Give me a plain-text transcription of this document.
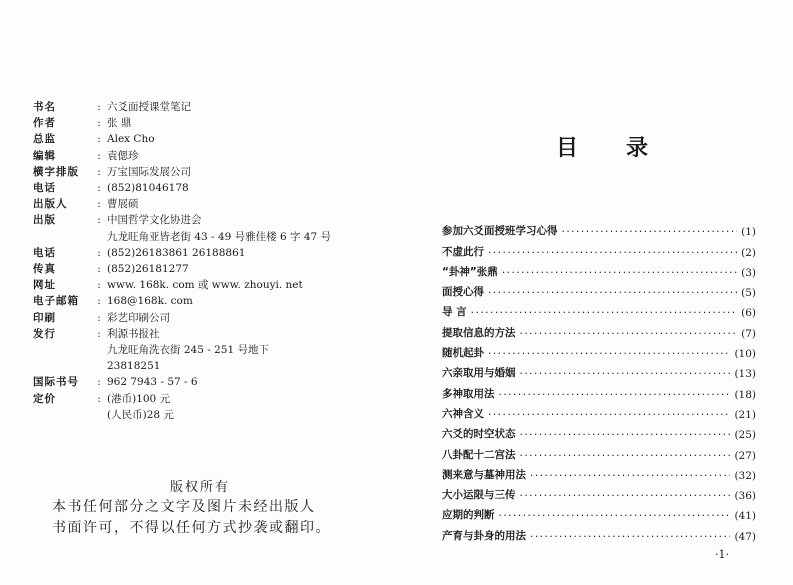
书名	: 六爻面授课堂笔记
作者	: 张 鼎
总监	: Alex Cho
编辑	: 袁偲珍
横字排版	: 万宝国际发展公司
电话	: (852)81046178
出版人	: 曹展硕
出版	: 中国哲学文化协进会
九龙旺角亚皆老街 43 - 49 号雅佳楼 6 字 47 号
电话	: (852)26183861 26188861
传真	: (852)26181277
网址	: www. 168k. com 或 www. zhouyi. net
电子邮箱	: 168@168k. com
印刷	: 彩艺印刷公司
发行	: 利源书报社
九龙旺角洗衣街 245 - 251 号地下
23818251
国际书号	: 962 7943 - 57 - 6
定价	: (港币)100 元
(人民币)28 元
版权所有
本书任何部分之文字及图片未经出版人
书面许可，不得以任何方式抄袭或翻印。
目 录
参加六爻面授班学习心得 ·····	(1)
不虚此行 ·····	(2)
“卦神”张鼎 ·····	(3)
面授心得 ·····	(5)
导 言 ·····	(6)
提取信息的方法 ·····	(7)
随机起卦 ·····	(10)
六亲取用与婚姻 ·····	(13)
多神取用法 ·····	(18)
六神含义 ·····	(21)
六爻的时空状态 ·····	(25)
八卦配十二宫法 ·····	(27)
测来意与墓神用法 ·····	(32)
大小运限与三传 ·····	(36)
应期的判断 ·····	(41)
产育与卦身的用法 ·····	(47)
·1·
